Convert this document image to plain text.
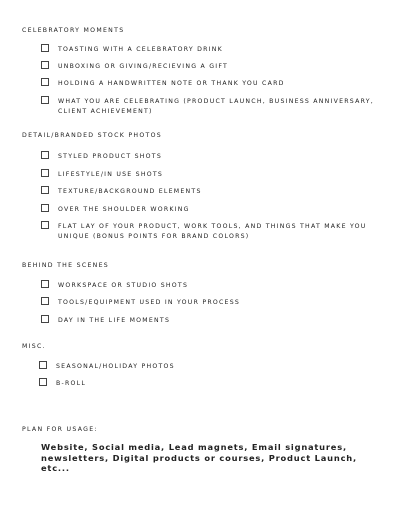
CELEBRATORY MOMENTS
TOASTING WITH A CELEBRATORY DRINK
UNBOXING OR GIVING/RECIEVING A GIFT
HOLDING A HANDWRITTEN NOTE OR THANK YOU CARD
WHAT YOU ARE CELEBRATING (PRODUCT LAUNCH, BUSINESS ANNIVERSARY, CLIENT ACHIEVEMENT)
DETAIL/BRANDED STOCK PHOTOS
STYLED PRODUCT SHOTS
LIFESTYLE/IN USE SHOTS
TEXTURE/BACKGROUND ELEMENTS
OVER THE SHOULDER WORKING
FLAT LAY OF YOUR PRODUCT, WORK TOOLS, AND THINGS THAT MAKE YOU UNIQUE (BONUS POINTS FOR BRAND COLORS)
BEHIND THE SCENES
WORKSPACE OR STUDIO SHOTS
TOOLS/EQUIPMENT USED IN YOUR PROCESS
DAY IN THE LIFE MOMENTS
MISC.
SEASONAL/HOLIDAY PHOTOS
B-ROLL
PLAN FOR USAGE:
Website, Social media, Lead magnets, Email signatures, newsletters, Digital products or courses, Product Launch, etc...
